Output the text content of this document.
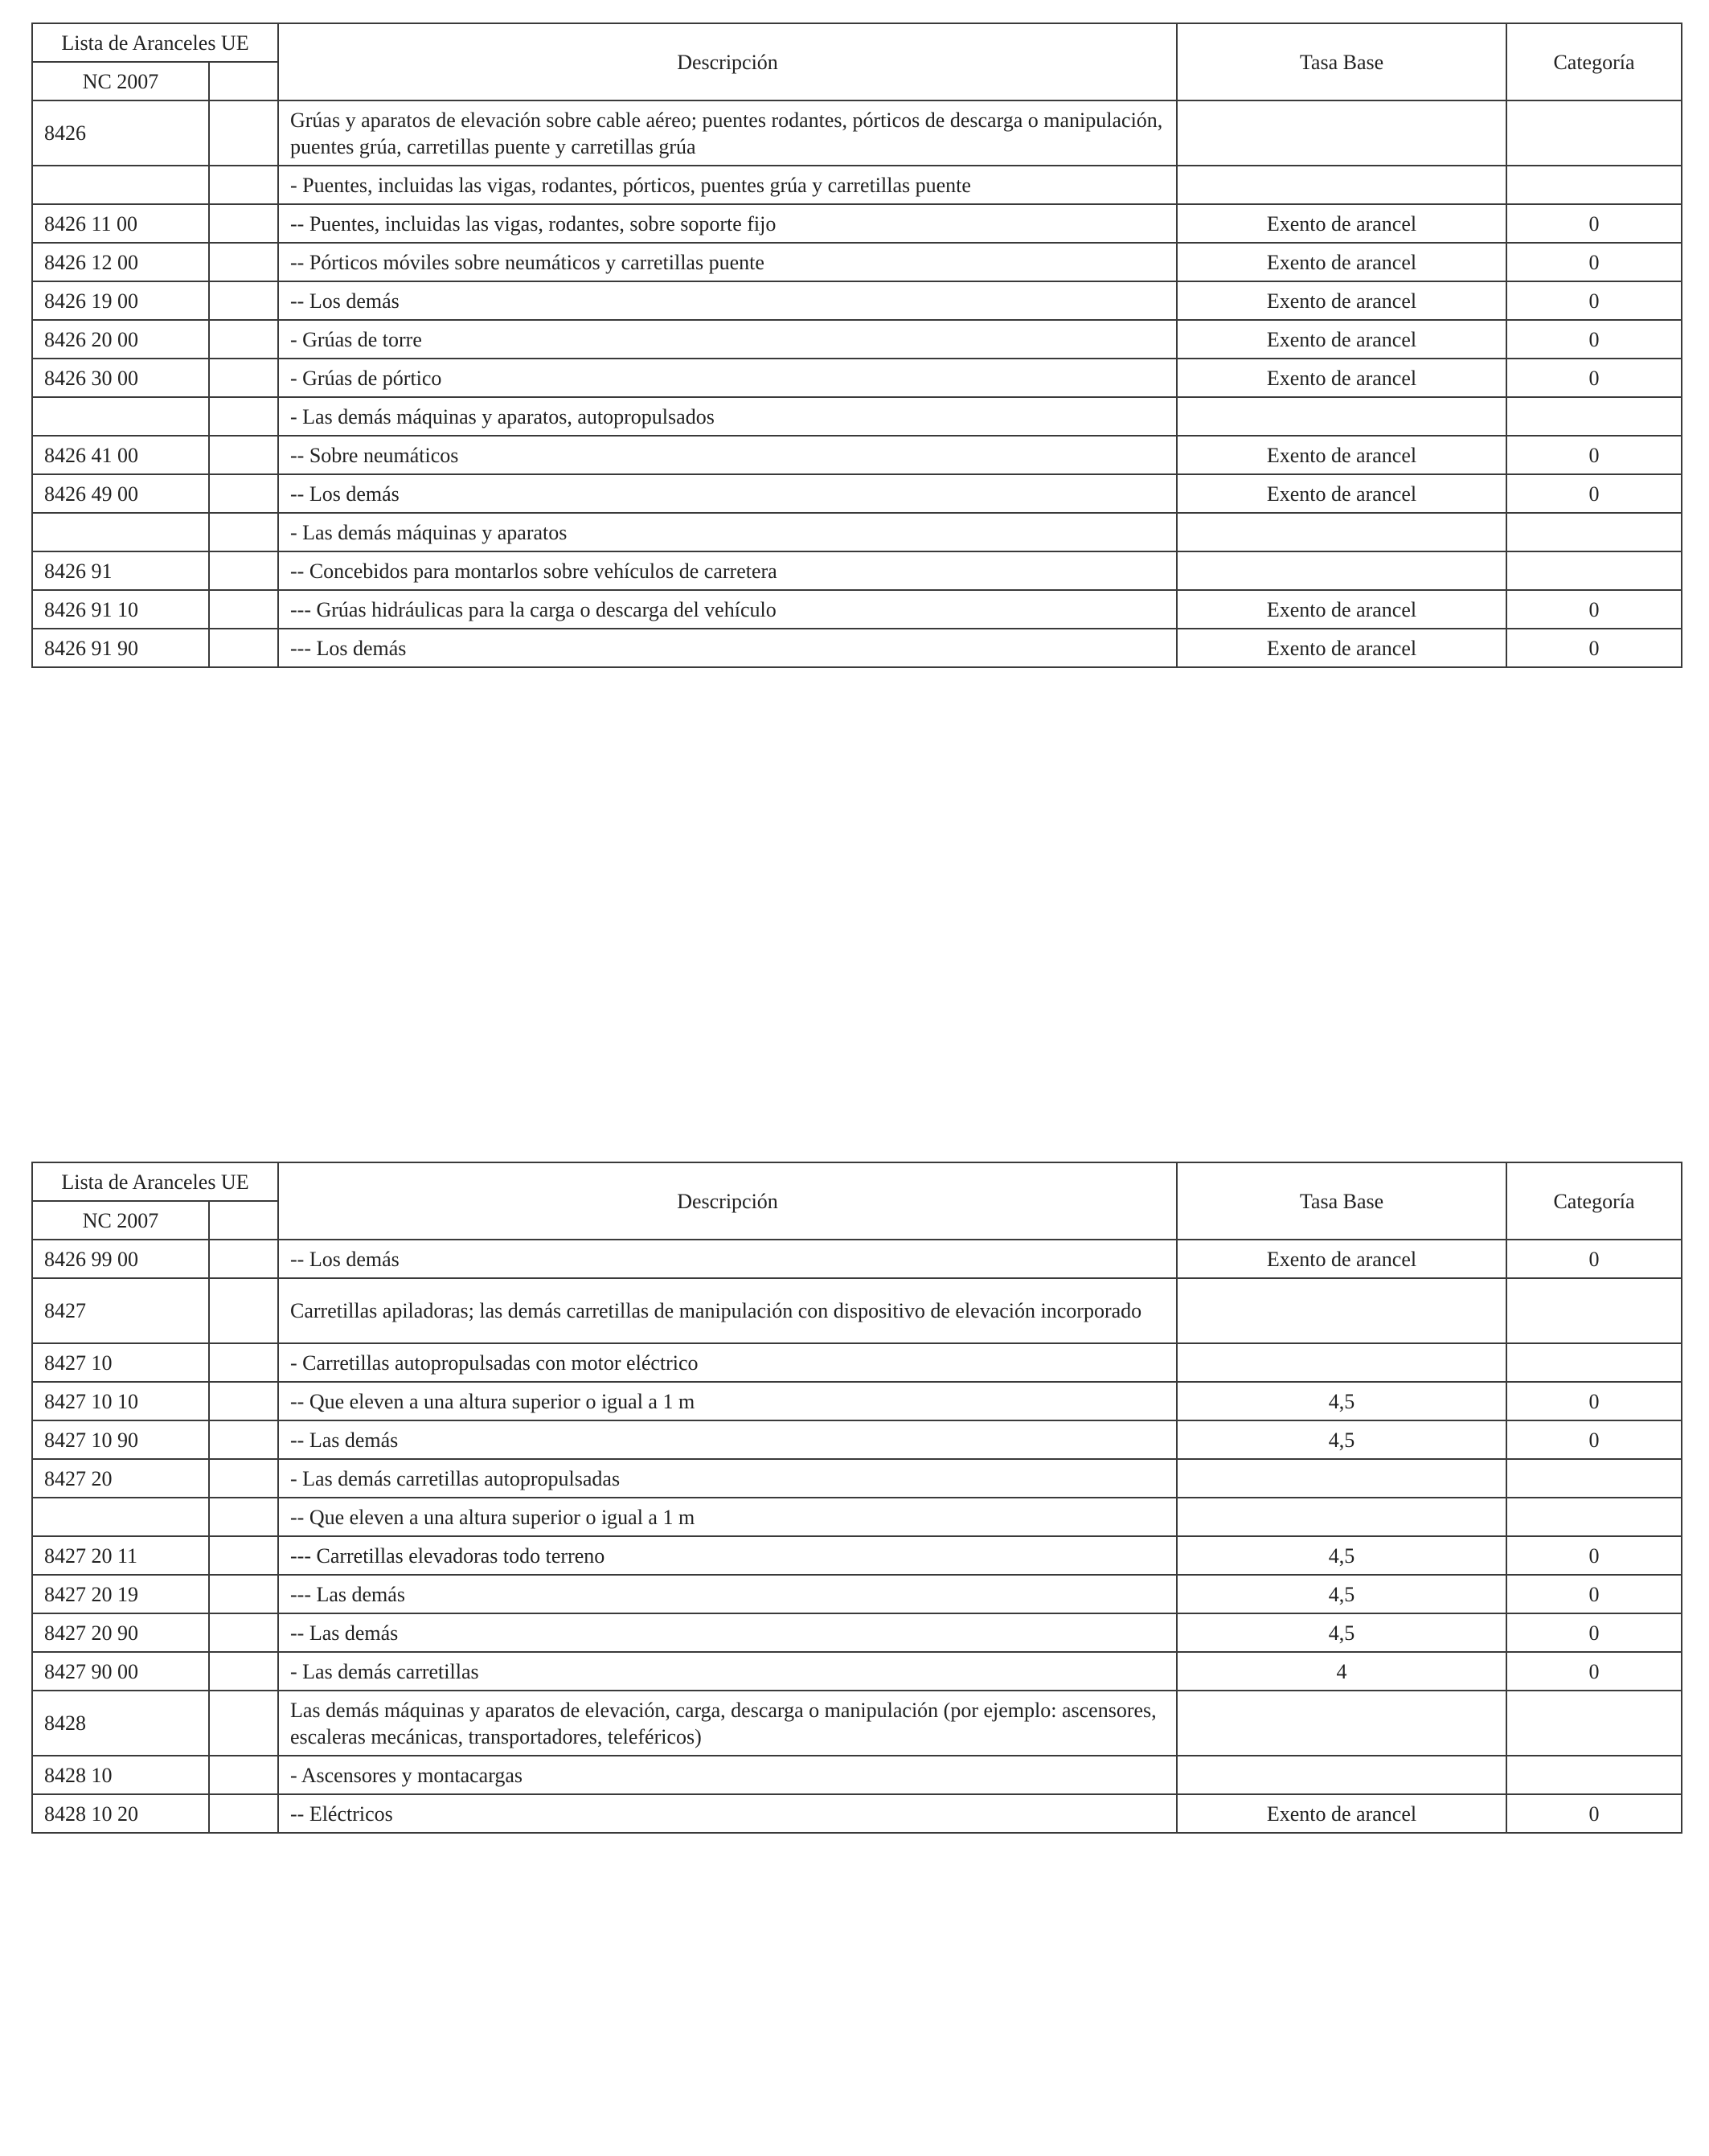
Lista de Aranceles UE		Descripción	Tasa Base	Categoría
NC 2007				
8426		Grúas y aparatos de elevación sobre cable aéreo; puentes rodantes, pórticos de descarga o manipulación, puentes grúa, carretillas puente y carretillas grúa		
		- Puentes, incluidas las vigas, rodantes, pórticos, puentes grúa y carretillas puente		
8426 11 00		-- Puentes, incluidas las vigas, rodantes, sobre soporte fijo	Exento de arancel	0
8426 12 00		-- Pórticos móviles sobre neumáticos y carretillas puente	Exento de arancel	0
8426 19 00		-- Los demás	Exento de arancel	0
8426 20 00		- Grúas de torre	Exento de arancel	0
8426 30 00		- Grúas de pórtico	Exento de arancel	0
		- Las demás máquinas y aparatos, autopropulsados		
8426 41 00		-- Sobre neumáticos	Exento de arancel	0
8426 49 00		-- Los demás	Exento de arancel	0
		- Las demás máquinas y aparatos		
8426 91		-- Concebidos para montarlos sobre vehículos de carretera		
8426 91 10		--- Grúas hidráulicas para la carga o descarga del vehículo	Exento de arancel	0
8426 91 90		--- Los demás	Exento de arancel	0
Lista de Aranceles UE		Descripción	Tasa Base	Categoría
NC 2007				
8426 99 00		-- Los demás	Exento de arancel	0
8427		Carretillas apiladoras; las demás carretillas de manipulación con dispositivo de elevación incorporado		
8427 10		- Carretillas autopropulsadas con motor eléctrico		
8427 10 10		-- Que eleven a una altura superior o igual a 1 m	4,5	0
8427 10 90		-- Las demás	4,5	0
8427 20		- Las demás carretillas autopropulsadas		
		-- Que eleven a una altura superior o igual a 1 m		
8427 20 11		--- Carretillas elevadoras todo terreno	4,5	0
8427 20 19		--- Las demás	4,5	0
8427 20 90		-- Las demás	4,5	0
8427 90 00		- Las demás carretillas	4	0
8428		Las demás máquinas y aparatos de elevación, carga, descarga o manipulación (por ejemplo: ascensores, escaleras mecánicas, transportadores, teleféricos)		
8428 10		- Ascensores y montacargas		
8428 10 20		-- Eléctricos	Exento de arancel	0
